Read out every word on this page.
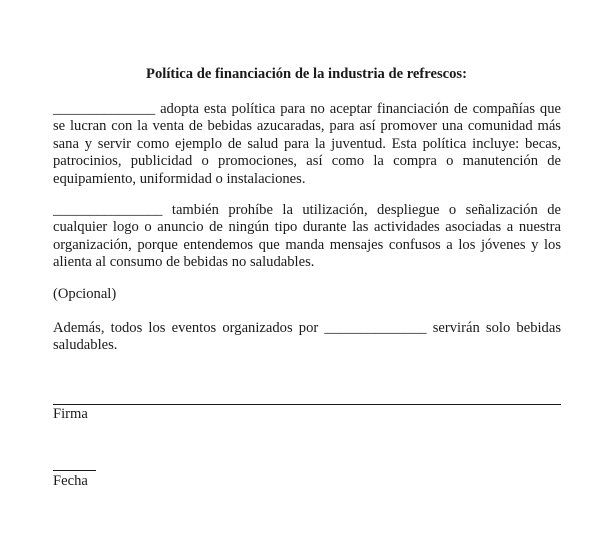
Política de financiación de la industria de refrescos:
______________ adopta esta política para no aceptar financiación de compañías que se lucran con la venta de bebidas azucaradas, para así promover una comunidad más sana y servir como ejemplo de salud para la juventud. Esta política incluye: becas, patrocinios, publicidad o promociones, así como la compra o manutención de equipamiento, uniformidad o instalaciones.
_______________ también prohíbe la utilización, despliegue o señalización de cualquier logo o anuncio de ningún tipo durante las actividades asociadas a nuestra organización, porque entendemos que manda mensajes confusos a los jóvenes y los alienta al consumo de bebidas no saludables.
(Opcional)
Además, todos los eventos organizados por ______________ servirán solo bebidas saludables.
Firma
Fecha
